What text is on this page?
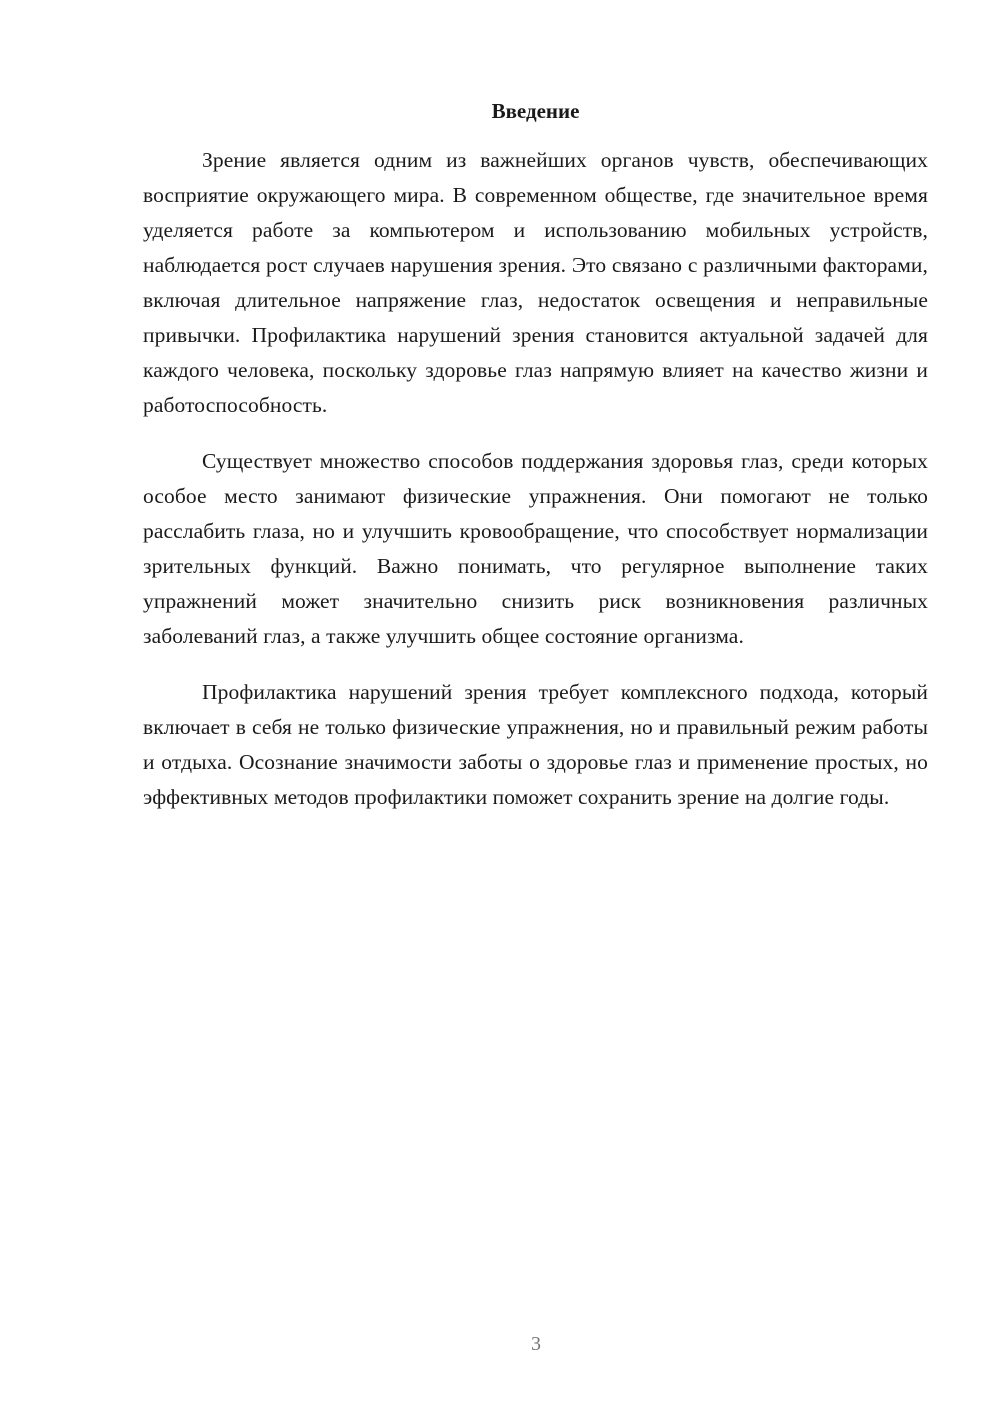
Введение

Зрение является одним из важнейших органов чувств, обеспечивающих восприятие окружающего мира. В современном обществе, где значительное время уделяется работе за компьютером и использованию мобильных устройств, наблюдается рост случаев нарушения зрения. Это связано с различными факторами, включая длительное напряжение глаз, недостаток освещения и неправильные привычки. Профилактика нарушений зрения становится актуальной задачей для каждого человека, поскольку здоровье глаз напрямую влияет на качество жизни и работоспособность.

Существует множество способов поддержания здоровья глаз, среди которых особое место занимают физические упражнения. Они помогают не только расслабить глаза, но и улучшить кровообращение, что способствует нормализации зрительных функций. Важно понимать, что регулярное выполнение таких упражнений может значительно снизить риск возникновения различных заболеваний глаз, а также улучшить общее состояние организма.

Профилактика нарушений зрения требует комплексного подхода, который включает в себя не только физические упражнения, но и правильный режим работы и отдыха. Осознание значимости заботы о здоровье глаз и применение простых, но эффективных методов профилактики поможет сохранить зрение на долгие годы.

3
